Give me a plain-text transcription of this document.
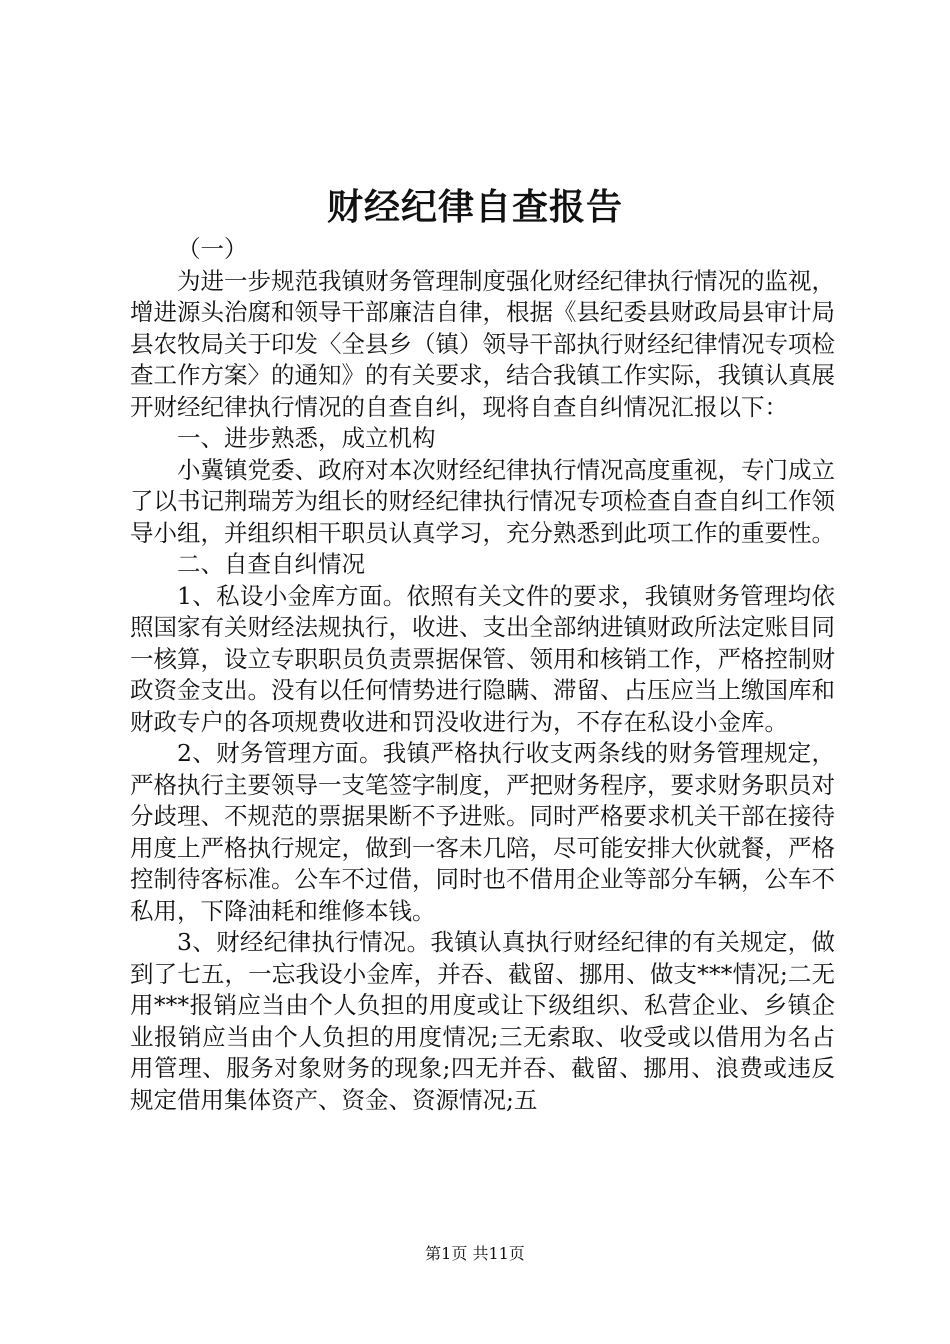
财经纪律自查报告

（一）

为进一步规范我镇财务管理制度强化财经纪律执行情况的监视，增进源头治腐和领导干部廉洁自律，根据《县纪委县财政局县审计局县农牧局关于印发〈全县乡（镇）领导干部执行财经纪律情况专项检查工作方案〉的通知》的有关要求，结合我镇工作实际，我镇认真展开财经纪律执行情况的自查自纠，现将自查自纠情况汇报以下：

一、进步熟悉，成立机构

小冀镇党委、政府对本次财经纪律执行情况高度重视，专门成立了以书记荆瑞芳为组长的财经纪律执行情况专项检查自查自纠工作领导小组，并组织相干职员认真学习，充分熟悉到此项工作的重要性。

二、自查自纠情况

1、私设小金库方面。依照有关文件的要求，我镇财务管理均依照国家有关财经法规执行，收进、支出全部纳进镇财政所法定账目同一核算，设立专职职员负责票据保管、领用和核销工作，严格控制财政资金支出。没有以任何情势进行隐瞒、滞留、占压应当上缴国库和财政专户的各项规费收进和罚没收进行为，不存在私设小金库。

2、财务管理方面。我镇严格执行收支两条线的财务管理规定，严格执行主要领导一支笔签字制度，严把财务程序，要求财务职员对分歧理、不规范的票据果断不予进账。同时严格要求机关干部在接待用度上严格执行规定，做到一客未几陪，尽可能安排大伙就餐，严格控制待客标准。公车不过借，同时也不借用企业等部分车辆，公车不私用，下降油耗和维修本钱。

3、财经纪律执行情况。我镇认真执行财经纪律的有关规定，做到了七五，一忘我设小金库，并吞、截留、挪用、做支***情况;二无用***报销应当由个人负担的用度或让下级组织、私营企业、乡镇企业报销应当由个人负担的用度情况;三无索取、收受或以借用为名占用管理、服务对象财务的现象;四无并吞、截留、挪用、浪费或违反规定借用集体资产、资金、资源情况;五

第1页 共11页
